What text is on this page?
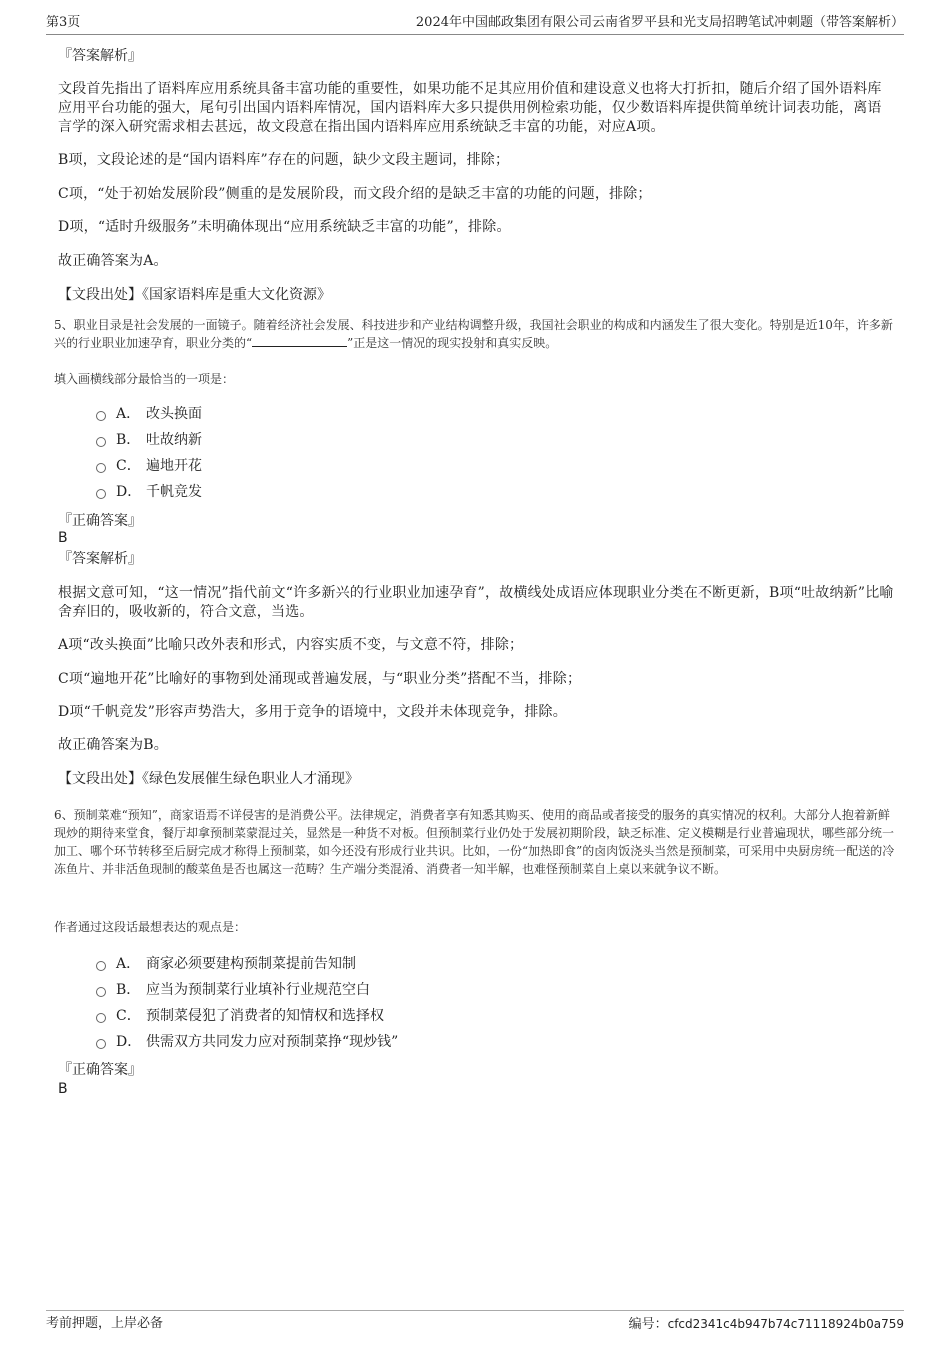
第3页	2024年中国邮政集团有限公司云南省罗平县和光支局招聘笔试冲刺题（带答案解析）
『答案解析』
文段首先指出了语料库应用系统具备丰富功能的重要性，如果功能不足其应用价值和建设意义也将大打折扣，随后介绍了国外语料库应用平台功能的强大，尾句引出国内语料库情况，国内语料库大多只提供用例检索功能，仅少数语料库提供简单统计词表功能，离语言学的深入研究需求相去甚远，故文段意在指出国内语料库应用系统缺乏丰富的功能，对应A项。
B项，文段论述的是“国内语料库”存在的问题，缺少文段主题词，排除；
C项，“处于初始发展阶段”侧重的是发展阶段，而文段介绍的是缺乏丰富的功能的问题，排除；
D项，“适时升级服务”未明确体现出“应用系统缺乏丰富的功能”，排除。
故正确答案为A。
【文段出处】《国家语料库是重大文化资源》
5、职业目录是社会发展的一面镜子。随着经济社会发展、科技进步和产业结构调整升级，我国社会职业的构成和内涵发生了很大变化。特别是近10年，许多新兴的行业职业加速孕育，职业分类的“	”正是这一情况的现实投射和真实反映。
填入画横线部分最恰当的一项是：
A． 改头换面
B． 吐故纳新
C． 遍地开花
D． 千帆竞发
『正确答案』
B
『答案解析』
根据文意可知，“这一情况”指代前文“许多新兴的行业职业加速孕育”，故横线处成语应体现职业分类在不断更新，B项“吐故纳新”比喻舍弃旧的，吸收新的，符合文意，当选。
A项“改头换面”比喻只改外表和形式，内容实质不变，与文意不符，排除；
C项“遍地开花”比喻好的事物到处涌现或普遍发展，与“职业分类”搭配不当，排除；
D项“千帆竞发”形容声势浩大，多用于竞争的语境中，文段并未体现竞争，排除。
故正确答案为B。
【文段出处】《绿色发展催生绿色职业人才涌现》
6、预制菜难“预知”，商家语焉不详侵害的是消费公平。法律规定，消费者享有知悉其购买、使用的商品或者接受的服务的真实情况的权利。大部分人抱着新鲜现炒的期待来堂食，餐厅却拿预制菜蒙混过关，显然是一种货不对板。但预制菜行业仍处于发展初期阶段，缺乏标准、定义模糊是行业普遍现状，哪些部分统一加工、哪个环节转移至后厨完成才称得上预制菜，如今还没有形成行业共识。比如，一份“加热即食”的卤肉饭浇头当然是预制菜，可采用中央厨房统一配送的冷冻鱼片、并非活鱼现制的酸菜鱼是否也属这一范畴？生产端分类混淆、消费者一知半解，也难怪预制菜自上桌以来就争议不断。
作者通过这段话最想表达的观点是：
A． 商家必须要建构预制菜提前告知制
B． 应当为预制菜行业填补行业规范空白
C． 预制菜侵犯了消费者的知情权和选择权
D． 供需双方共同发力应对预制菜挣“现炒钱”
『正确答案』
B
考前押题，上岸必备	编号：cfcd2341c4b947b74c71118924b0a759
